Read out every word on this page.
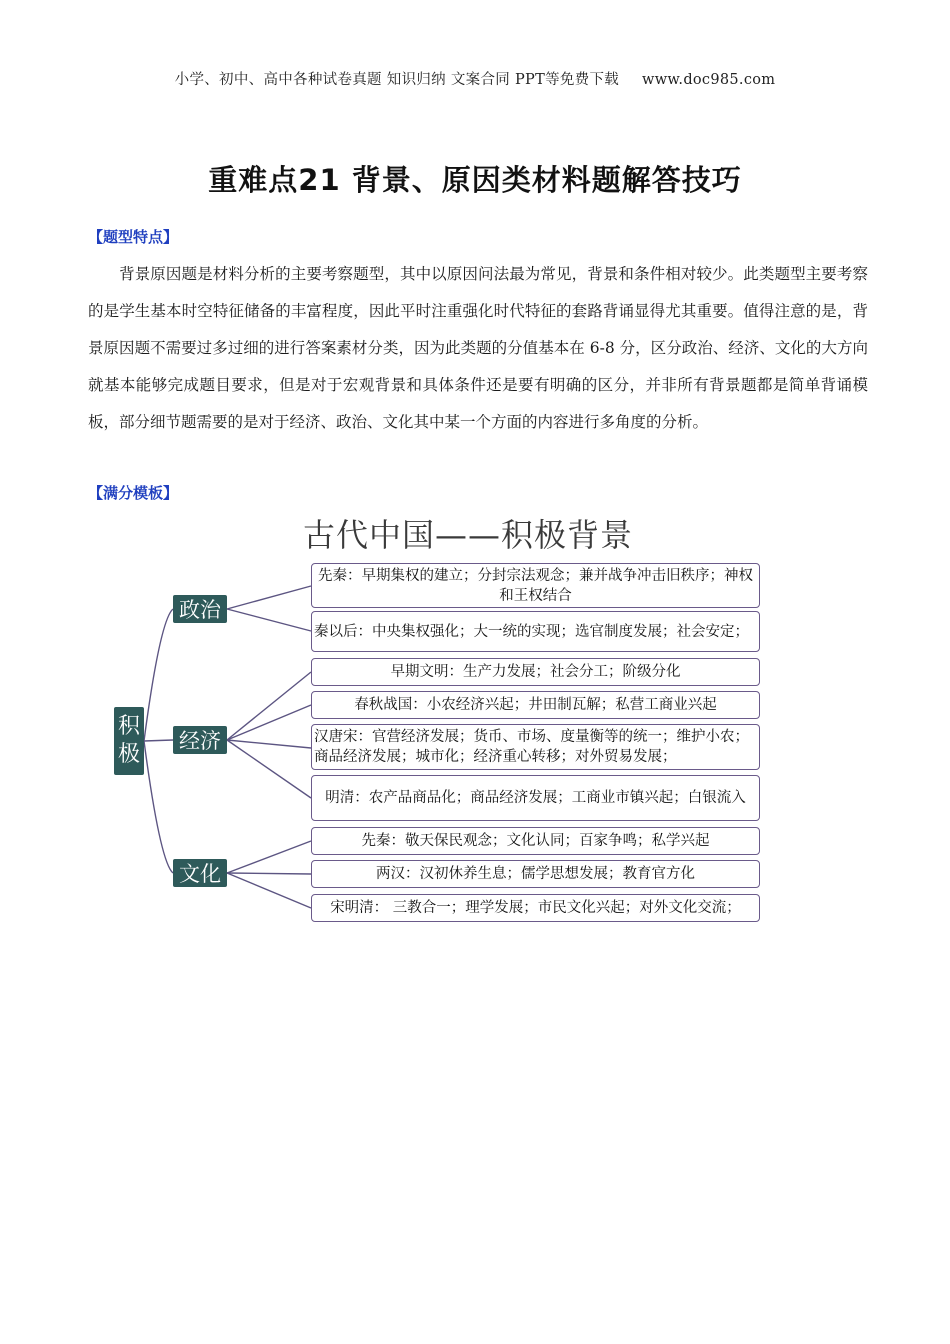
小学、初中、高中各种试卷真题 知识归纳 文案合同 PPT等免费下载 www.doc985.com
重难点21 背景、原因类材料题解答技巧
【题型特点】
背景原因题是材料分析的主要考察题型，其中以原因问法最为常见，背景和条件相对较少。此类题型主要考察的是学生基本时空特征储备的丰富程度，因此平时注重强化时代特征的套路背诵显得尤其重要。值得注意的是，背景原因题不需要过多过细的进行答案素材分类，因为此类题的分值基本在 6-8 分，区分政治、经济、文化的大方向就基本能够完成题目要求，但是对于宏观背景和具体条件还是要有明确的区分，并非所有背景题都是简单背诵模板，部分细节题需要的是对于经济、政治、文化其中某一个方面的内容进行多角度的分析。
【满分模板】
古代中国——积极背景
积
极
政治
经济
文化
先秦：早期集权的建立；分封宗法观念；兼并战争冲击旧秩序；神权和王权结合
秦以后：中央集权强化；大一统的实现；选官制度发展；社会安定；
早期文明：生产力发展；社会分工；阶级分化
春秋战国：小农经济兴起；井田制瓦解；私营工商业兴起
汉唐宋：官营经济发展；货币、市场、度量衡等的统一；维护小农；商品经济发展；城市化；经济重心转移；对外贸易发展；
明清：农产品商品化；商品经济发展；工商业市镇兴起；白银流入
先秦：敬天保民观念；文化认同；百家争鸣；私学兴起
两汉：汉初休养生息；儒学思想发展；教育官方化
宋明清： 三教合一；理学发展；市民文化兴起；对外文化交流；
